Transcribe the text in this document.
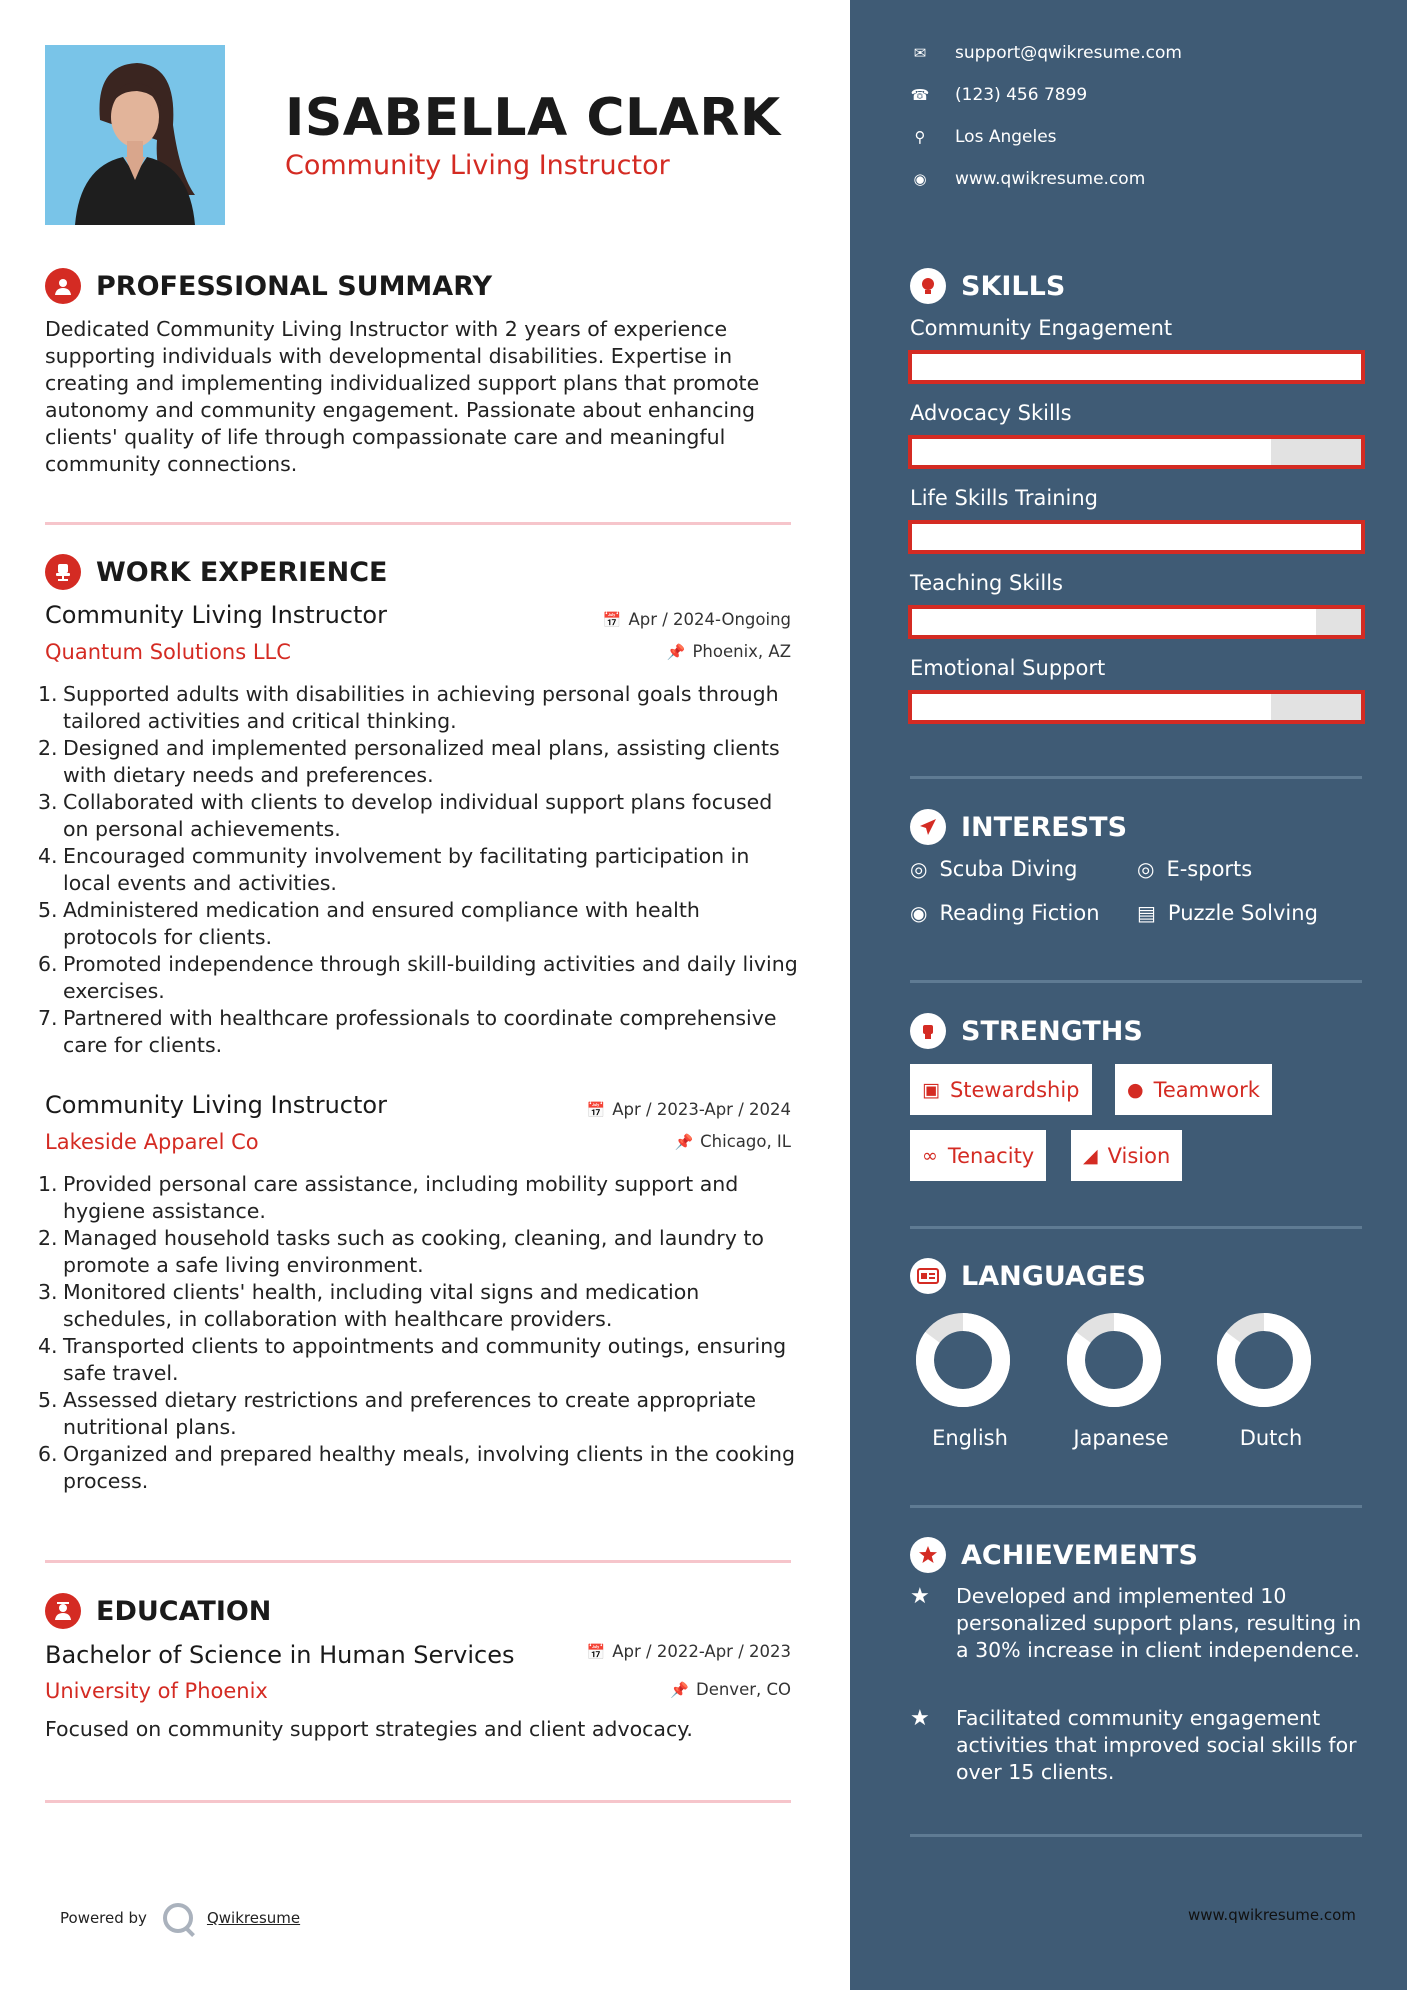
ISABELLA CLARK
Community Living Instructor
PROFESSIONAL SUMMARY
Dedicated Community Living Instructor with 2 years of experience supporting individuals with developmental disabilities. Expertise in creating and implementing individualized support plans that promote autonomy and community engagement. Passionate about enhancing clients' quality of life through compassionate care and meaningful community connections.
WORK EXPERIENCE
Community Living Instructor	📅 Apr / 2024-Ongoing
Quantum Solutions LLC	📌 Phoenix, AZ
1. Supported adults with disabilities in achieving personal goals through tailored activities and critical thinking.
2. Designed and implemented personalized meal plans, assisting clients with dietary needs and preferences.
3. Collaborated with clients to develop individual support plans focused on personal achievements.
4. Encouraged community involvement by facilitating participation in local events and activities.
5. Administered medication and ensured compliance with health protocols for clients.
6. Promoted independence through skill-building activities and daily living exercises.
7. Partnered with healthcare professionals to coordinate comprehensive care for clients.
Community Living Instructor	📅 Apr / 2023-Apr / 2024
Lakeside Apparel Co	📌 Chicago, IL
1. Provided personal care assistance, including mobility support and hygiene assistance.
2. Managed household tasks such as cooking, cleaning, and laundry to promote a safe living environment.
3. Monitored clients' health, including vital signs and medication schedules, in collaboration with healthcare providers.
4. Transported clients to appointments and community outings, ensuring safe travel.
5. Assessed dietary restrictions and preferences to create appropriate nutritional plans.
6. Organized and prepared healthy meals, involving clients in the cooking process.
EDUCATION
Bachelor of Science in Human Services	📅 Apr / 2022-Apr / 2023
University of Phoenix	📌 Denver, CO
Focused on community support strategies and client advocacy.
Powered by	Qwikresume
✉ support@qwikresume.com
☎ (123) 456 7899
⚲ Los Angeles
◉ www.qwikresume.com
SKILLS
Community Engagement
Advocacy Skills
Life Skills Training
Teaching Skills
Emotional Support
INTERESTS
◎ Scuba Diving	◎ E-sports
◉ Reading Fiction ▤ Puzzle Solving
STRENGTHS
▣ Stewardship	● Teamwork
∞ Tenacity	◢ Vision
LANGUAGES
English	Japanese	Dutch
ACHIEVEMENTS
★	Developed and implemented 10 personalized support plans, resulting in a 30% increase in client independence.
★	Facilitated community engagement activities that improved social skills for over 15 clients.
www.qwikresume.com
